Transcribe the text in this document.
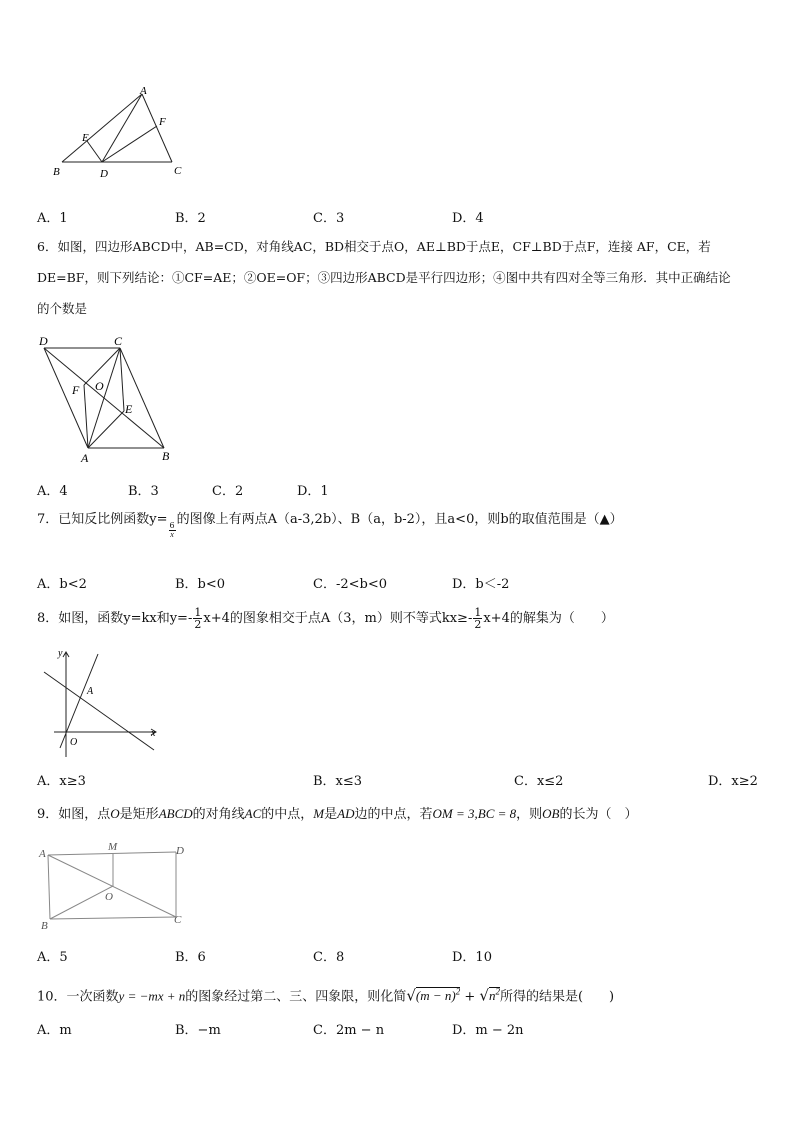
A
E
F
B	D	C
A．1	B．2	C．3	D．4
6．如图，四边形ABCD中，AB=CD，对角线AC，BD相交于点O，AE⊥BD于点E，CF⊥BD于点F，连接 AF，CE，若
DE=BF，则下列结论：①CF=AE；②OE=OF；③四边形ABCD是平行四边形；④图中共有四对全等三角形．其中正确结论
的个数是
D	C
O
F
E
A	B
A．4	B．3	C．2	D．1
7．已知反比例函数y=
$\frac{6}{x}$
的图像上有两点A（a-3,2b）、B（a，b-2），且a<0，则b的取值范围是（▲）
A．b<2	B．b<0	C．-2<b<0	D．b＜-2
8．如图，函数y=kx和$y=- \frac{1}{2} x+4$的图象相交于点A（3，m）则不等式$kx\ge- \frac{1}{2} x+4$的解集为（　　）
y
A
O
x
A．x≥3	B．x≤3	C．x≤2	D．x≥2
9．如图，点O是矩形ABCD的对角线AC的中点，M是AD边的中点，若OM = 3,BC = 8，则OB的长为（　）
A
M	D
O
B	C
A．5	B．6	C．8	D．10
10．一次函数y = −mx + n的图象经过第二、三、四象限，则化简$√(m - n)^2 + √n^2$所得的结果是(　　)
A．m	B．−m	C．2m − n	D．m − 2n
